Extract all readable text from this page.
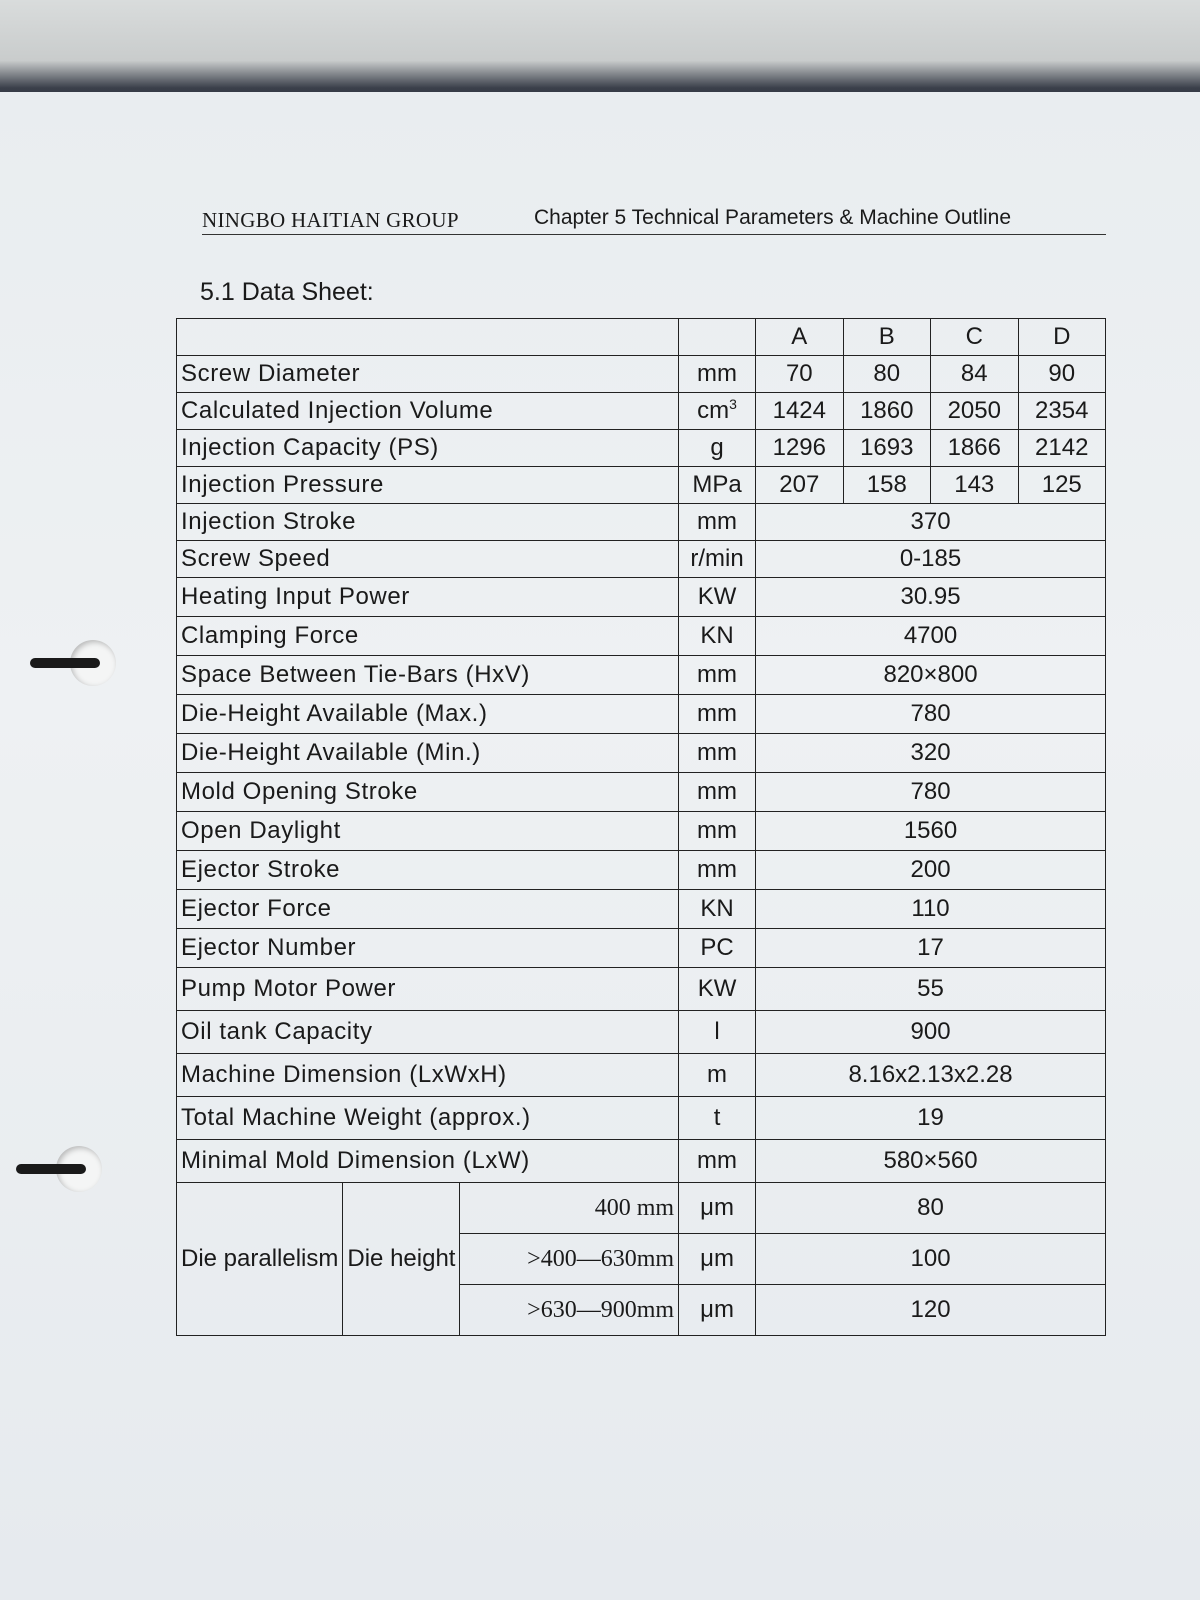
NINGBO HAITIAN GROUP	Chapter 5 Technical Parameters & Machine Outline
5.1 Data Sheet:
				A	B	C	D
Screw Diameter			mm	70	80	84	90
Calculated Injection Volume			$cm^3$	1424	1860	2050	2354
Injection Capacity (PS)			g	1296	1693	1866	2142
Injection Pressure			MPa	207	158	143	125
Injection Stroke			mm	370			
Screw Speed			r/min	0-185			
Heating Input Power			KW	30.95			
Clamping Force			KN	4700			
Space Between Tie-Bars (HxV)			mm	820×800			
Die-Height Available (Max.)			mm	780			
Die-Height Available (Min.)			mm	320			
Mold Opening Stroke			mm	780			
Open Daylight			mm	1560			
Ejector Stroke			mm	200			
Ejector Force			KN	110			
Ejector Number			PC	17			
Pump Motor Power			KW	55			
Oil tank Capacity			l	900			
Machine Dimension (LxWxH)			m	8.16x2.13x2.28			
Total Machine Weight (approx.)			t	19			
Minimal Mold Dimension (LxW)			mm	580×560			
Die parallelism	Die height	400 mm	μm	80			
		>400—630mm	μm	100			
		>630—900mm	μm	120			
